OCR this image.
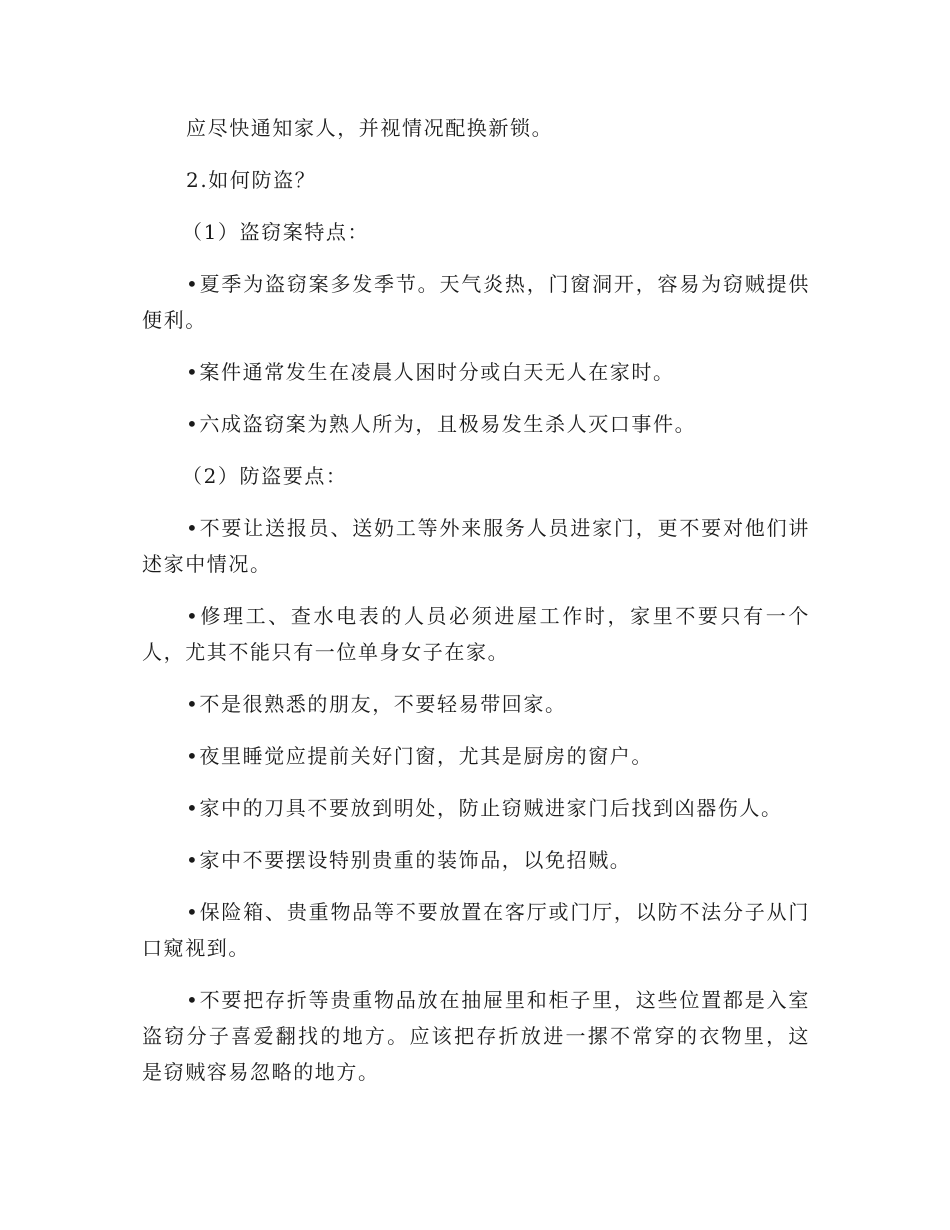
应尽快通知家人，并视情况配换新锁。

2.如何防盗？

（1）盗窃案特点：

•夏季为盗窃案多发季节。天气炎热，门窗洞开，容易为窃贼提供便利。

•案件通常发生在凌晨人困时分或白天无人在家时。

•六成盗窃案为熟人所为，且极易发生杀人灭口事件。

（2）防盗要点：

•不要让送报员、送奶工等外来服务人员进家门，更不要对他们讲述家中情况。

•修理工、查水电表的人员必须进屋工作时，家里不要只有一个人，尤其不能只有一位单身女子在家。

•不是很熟悉的朋友，不要轻易带回家。

•夜里睡觉应提前关好门窗，尤其是厨房的窗户。

•家中的刀具不要放到明处，防止窃贼进家门后找到凶器伤人。

•家中不要摆设特别贵重的装饰品，以免招贼。

•保险箱、贵重物品等不要放置在客厅或门厅，以防不法分子从门口窥视到。

•不要把存折等贵重物品放在抽屉里和柜子里，这些位置都是入室盗窃分子喜爱翻找的地方。应该把存折放进一摞不常穿的衣物里，这是窃贼容易忽略的地方。
